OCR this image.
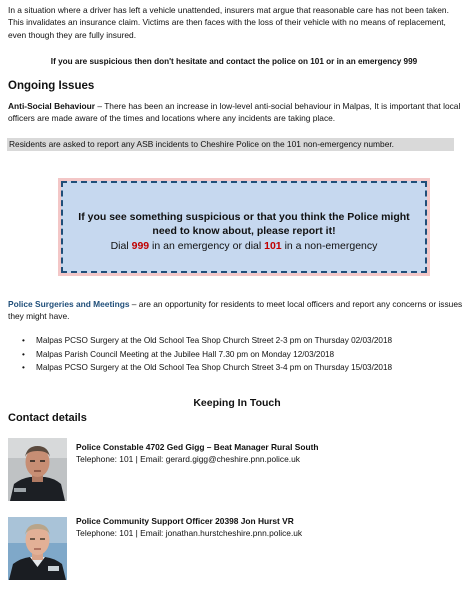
In a situation where a driver has left a vehicle unattended, insurers mat argue that reasonable care has not been taken. This invalidates an insurance claim. Victims are then faces with the loss of their vehicle with no means of replacement, even though they are fully insured.

If you are suspicious then don't hesitate and contact the police on 101 or in an emergency 999

Ongoing Issues

Anti-Social Behaviour – There has been an increase in low-level anti-social behaviour in Malpas, It is important that local officers are made aware of the times and locations where any incidents are taking place.

Residents are asked to report any ASB incidents to Cheshire Police on the 101 non-emergency number.
If you see something suspicious or that you think the Police might need to know about, please report it!
Dial 999 in an emergency or dial 101 in a non-emergency

Police Surgeries and Meetings – are an opportunity for residents to meet local officers and report any concerns or issues they might have.

• Malpas PCSO Surgery at the Old School Tea Shop Church Street 2-3 pm on Thursday 02/03/2018
• Malpas Parish Council Meeting at the Jubilee Hall 7.30 pm on Monday 12/03/2018
• Malpas PCSO Surgery at the Old School Tea Shop Church Street 3-4 pm on Thursday 15/03/2018
Keeping In Touch
Contact details
Police Constable 4702 Ged Gigg – Beat Manager Rural South
Telephone: 101 | Email: gerard.gigg@cheshire.pnn.police.uk
Police Community Support Officer 20398 Jon Hurst VR
Telephone: 101 | Email: jonathan.hurstcheshire.pnn.police.uk
